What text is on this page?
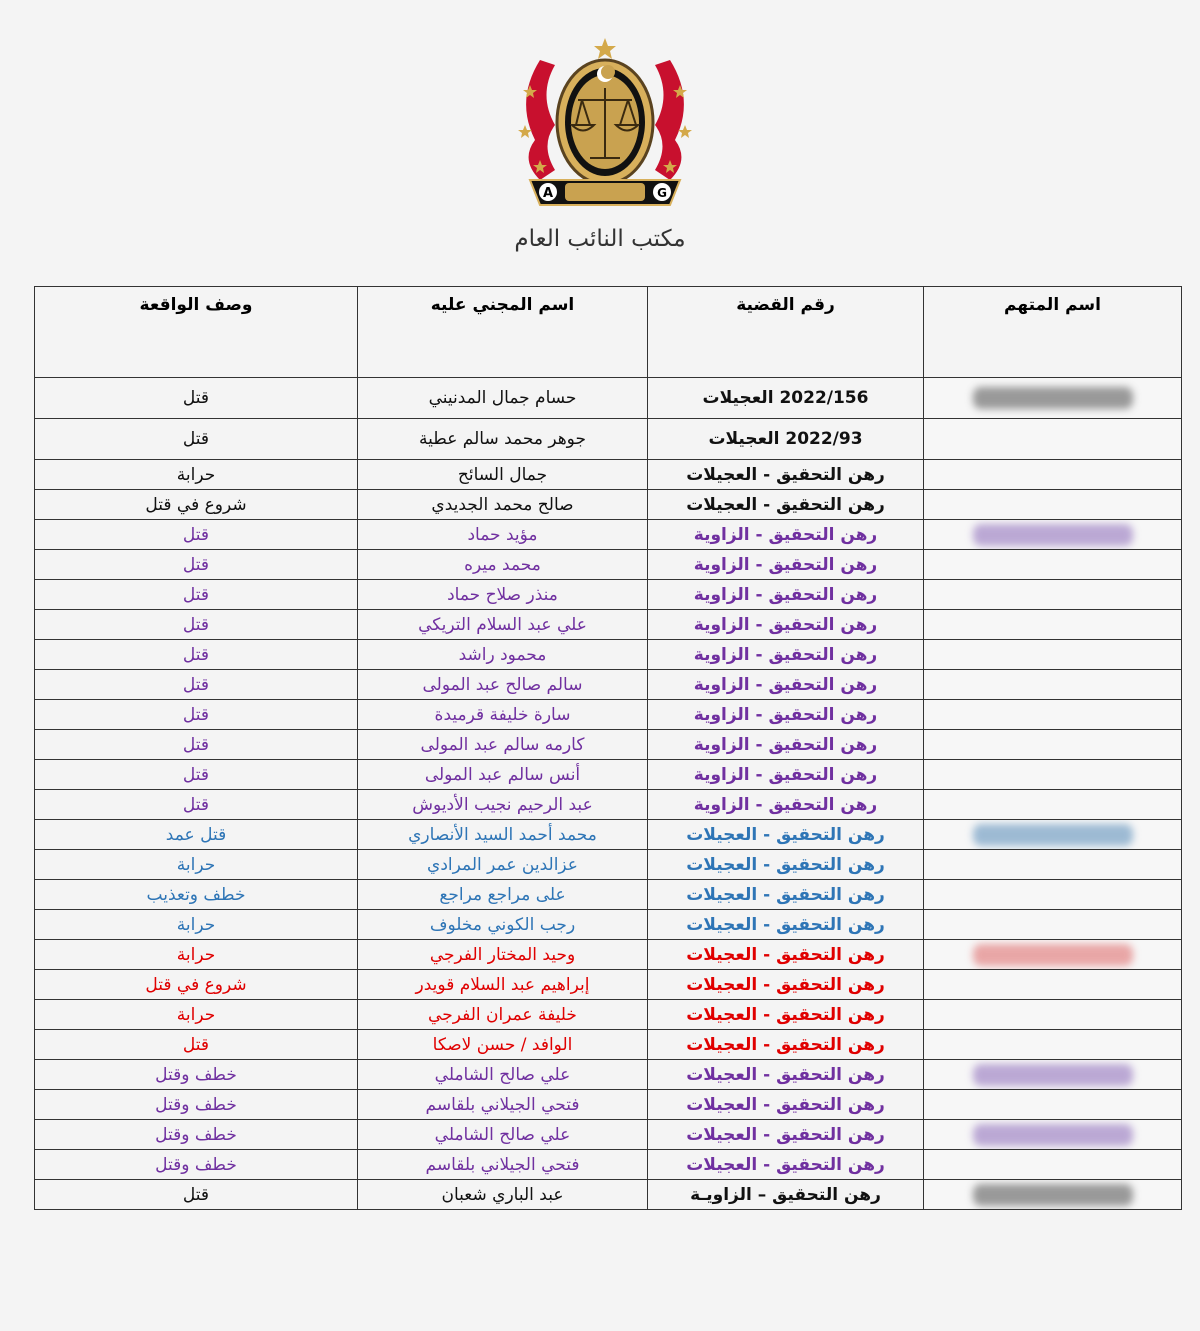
A	G
مكتب النائب العام
اسم المتهم	رقم القضية	اسم المجني عليه	وصف الواقعة
	2022/156 العجيلات	حسام جمال المدنيني	قتل
	2022/93 العجيلات	جوهر محمد سالم عطية	قتل
	رهن التحقيق - العجيلات	جمال السائح	حرابة
	رهن التحقيق - العجيلات	صالح محمد الجديدي	شروع في قتل
	رهن التحقيق - الزاوية	مؤيد حماد	قتل
	رهن التحقيق - الزاوية	محمد ميره	قتل
	رهن التحقيق - الزاوية	منذر صلاح حماد	قتل
	رهن التحقيق - الزاوية	علي عبد السلام التريكي	قتل
	رهن التحقيق - الزاوية	محمود راشد	قتل
	رهن التحقيق - الزاوية	سالم صالح عبد المولى	قتل
	رهن التحقيق - الزاوية	سارة خليفة قرميدة	قتل
	رهن التحقيق - الزاوية	كارمه سالم عبد المولى	قتل
	رهن التحقيق - الزاوية	أنس سالم عبد المولى	قتل
	رهن التحقيق - الزاوية	عبد الرحيم نجيب الأديوش	قتل
	رهن التحقيق - العجيلات	محمد أحمد السيد الأنصاري	قتل عمد
	رهن التحقيق - العجيلات	عزالدين عمر المرادي	حرابة
	رهن التحقيق - العجيلات	على مراجع مراجع	خطف وتعذيب
	رهن التحقيق - العجيلات	رجب الكوني مخلوف	حرابة
	رهن التحقيق - العجيلات	وحيد المختار الفرجي	حرابة
	رهن التحقيق - العجيلات	إبراهيم عبد السلام قويدر	شروع في قتل
	رهن التحقيق - العجيلات	خليفة عمران الفرجي	حرابة
	رهن التحقيق - العجيلات	الوافد / حسن لاصكا	قتل
	رهن التحقيق - العجيلات	علي صالح الشاملي	خطف وقتل
	رهن التحقيق - العجيلات	فتحي الجيلاني بلقاسم	خطف وقتل
	رهن التحقيق - العجيلات	علي صالح الشاملي	خطف وقتل
	رهن التحقيق - العجيلات	فتحي الجيلاني بلقاسم	خطف وقتل
	رهن التحقيق – الزاويـة	عبد الباري شعبان	قتل
